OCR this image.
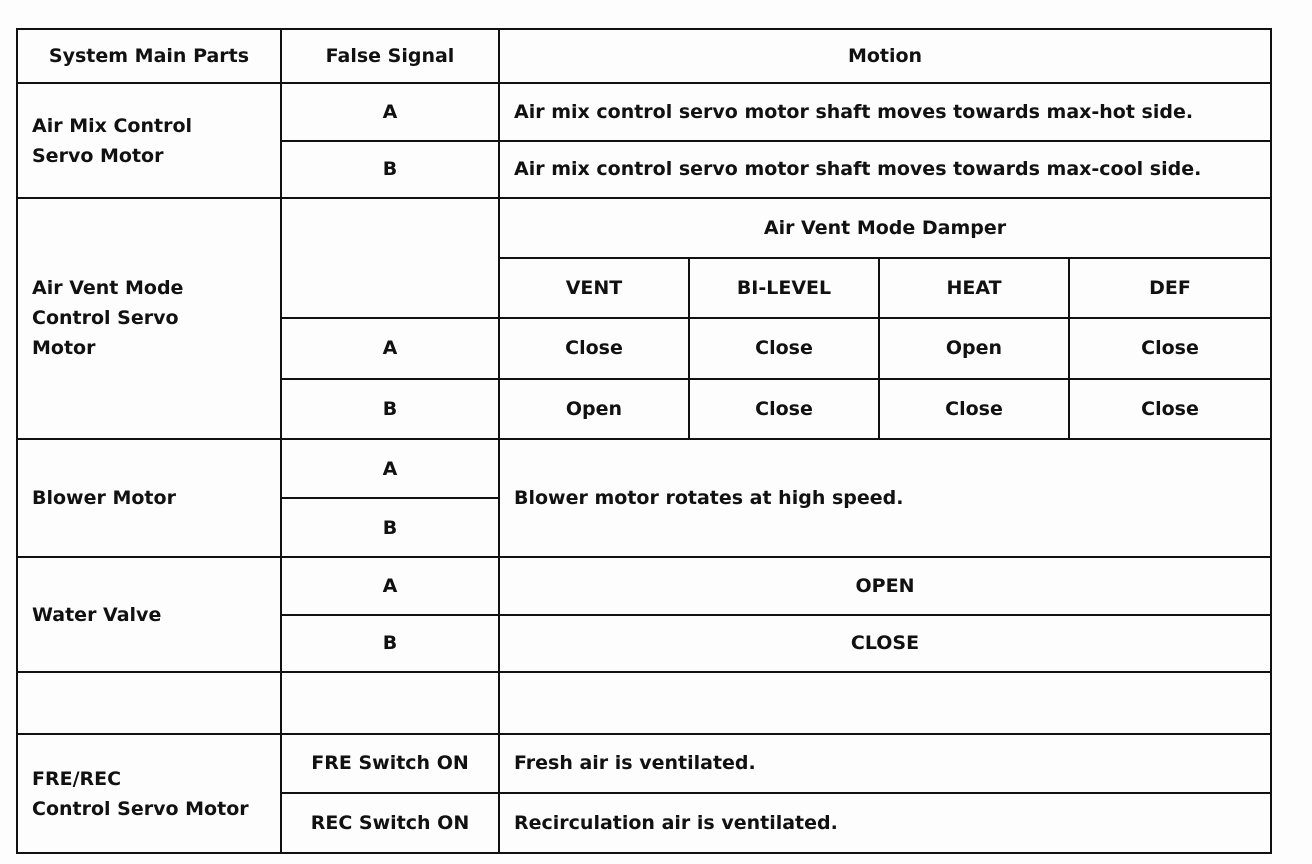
System Main Parts	False Signal	Motion			

Air Mix Control
Servo Motor	A	Air mix control servo motor shaft moves towards max-hot side.			
	B	Air mix control servo motor shaft moves towards max-cool side.			

Air Vent Mode
Control Servo
Motor		Air Vent Mode Damper			
		VENT	BI-LEVEL	HEAT	DEF
	A	Close	Close	Open	Close
	B	Open	Close	Close	Close
Blower Motor	A	Blower motor rotates at high speed.			
	B				
Water Valve	A	OPEN			
	B	CLOSE			

FRE/REC
Control Servo Motor	FRE Switch ON	Fresh air is ventilated.			
	REC Switch ON	Recirculation air is ventilated.			
